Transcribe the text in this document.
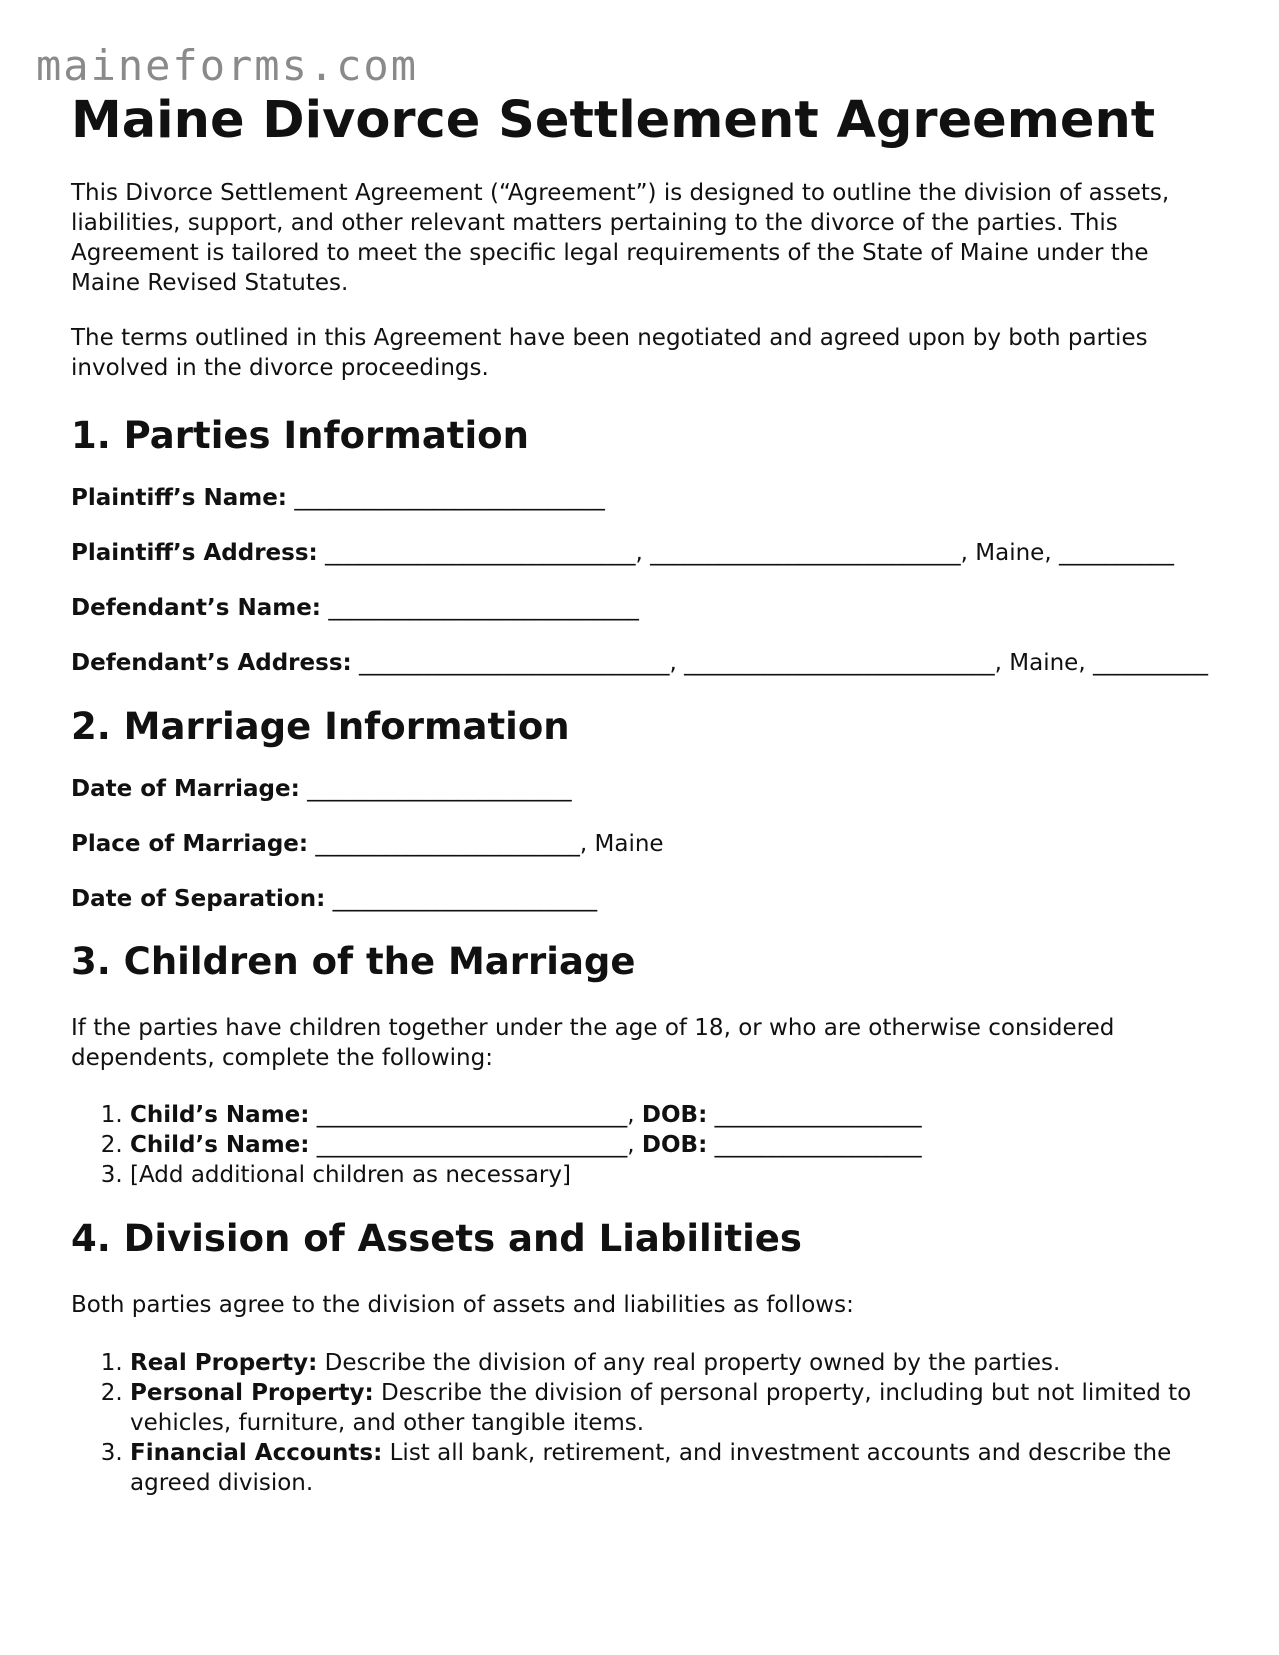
maineforms.com
Maine Divorce Settlement Agreement

This Divorce Settlement Agreement (“Agreement”) is designed to outline the division of assets, liabilities, support, and other relevant matters pertaining to the divorce of the parties. This Agreement is tailored to meet the specific legal requirements of the State of Maine under the Maine Revised Statutes.

The terms outlined in this Agreement have been negotiated and agreed upon by both parties involved in the divorce proceedings.

1. Parties Information
Plaintiff’s Name: ___________________________
Plaintiff’s Address: ___________________________, ___________________________, Maine, __________
Defendant’s Name: ___________________________
Defendant’s Address: ___________________________, ___________________________, Maine, __________
2. Marriage Information
Date of Marriage: _______________________
Place of Marriage: _______________________, Maine
Date of Separation: _______________________
3. Children of the Marriage

If the parties have children together under the age of 18, or who are otherwise considered dependents, complete the following:

1. Child’s Name: ___________________________, DOB: __________________
2. Child’s Name: ___________________________, DOB: __________________
3. [Add additional children as necessary]
4. Division of Assets and Liabilities

Both parties agree to the division of assets and liabilities as follows:

1. Real Property: Describe the division of any real property owned by the parties.
2. Personal Property: Describe the division of personal property, including but not limited to vehicles, furniture, and other tangible items.
3. Financial Accounts: List all bank, retirement, and investment accounts and describe the agreed division.
